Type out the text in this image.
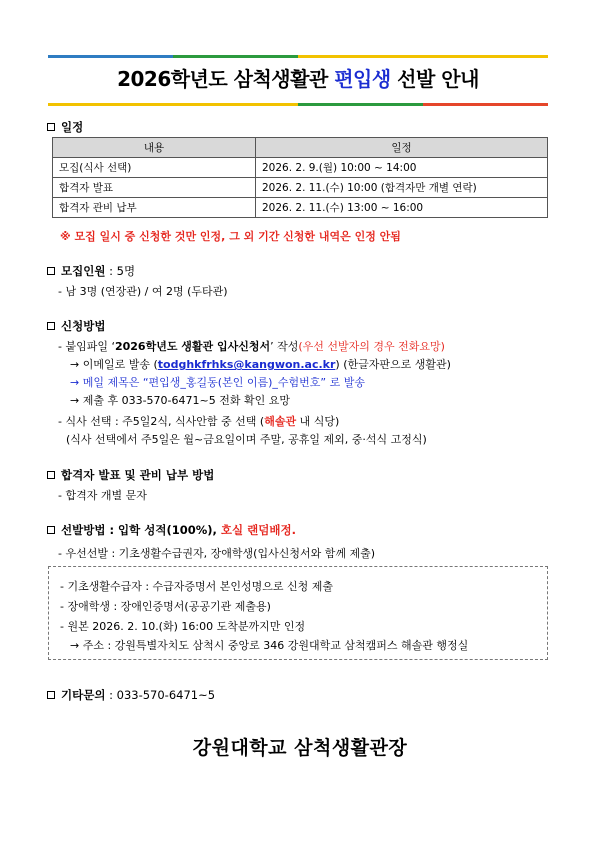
2026학년도 삼척생활관 편입생 선발 안내
일정
내용	일정
모집(식사 선택)	2026. 2. 9.(월) 10:00 ~ 14:00
합격자 발표	2026. 2. 11.(수) 10:00 (합격자만 개별 연락)
합격자 관비 납부	2026. 2. 11.(수) 13:00 ~ 16:00
※ 모집 일시 중 신청한 것만 인정, 그 외 기간 신청한 내역은 인정 안됨
모집인원 : 5명
- 남 3명 (연장관) / 여 2명 (두타관)
신청방법
- 붙임파일 ‘2026학년도 생활관 입사신청서’ 작성(우선 선발자의 경우 전화요망)
→ 이메일로 발송 (todghkfrhks@kangwon.ac.kr) (한글자판으로 생활관)
→ 메일 제목은 “편입생_홍길동(본인 이름)_수험번호” 로 발송
→ 제출 후 033-570-6471~5 전화 확인 요망
- 식사 선택 : 주5일2식, 식사안함 중 선택 (해솔관 내 식당)
(식사 선택에서 주5일은 월~금요일이며 주말, 공휴일 제외, 중·석식 고정식)
합격자 발표 및 관비 납부 방법
- 합격자 개별 문자
선발방법 : 입학 성적(100%), 호실 랜덤배정.
- 우선선발 : 기초생활수급권자, 장애학생(입사신청서와 함께 제출)
- 기초생활수급자 : 수급자증명서 본인성명으로 신청 제출
- 장애학생 : 장애인증명서(공공기관 제출용)
- 원본 2026. 2. 10.(화) 16:00 도착분까지만 인정
→ 주소 : 강원특별자치도 삼척시 중앙로 346 강원대학교 삼척캠퍼스 해솔관 행정실
기타문의 : 033-570-6471~5
강원대학교 삼척생활관장
